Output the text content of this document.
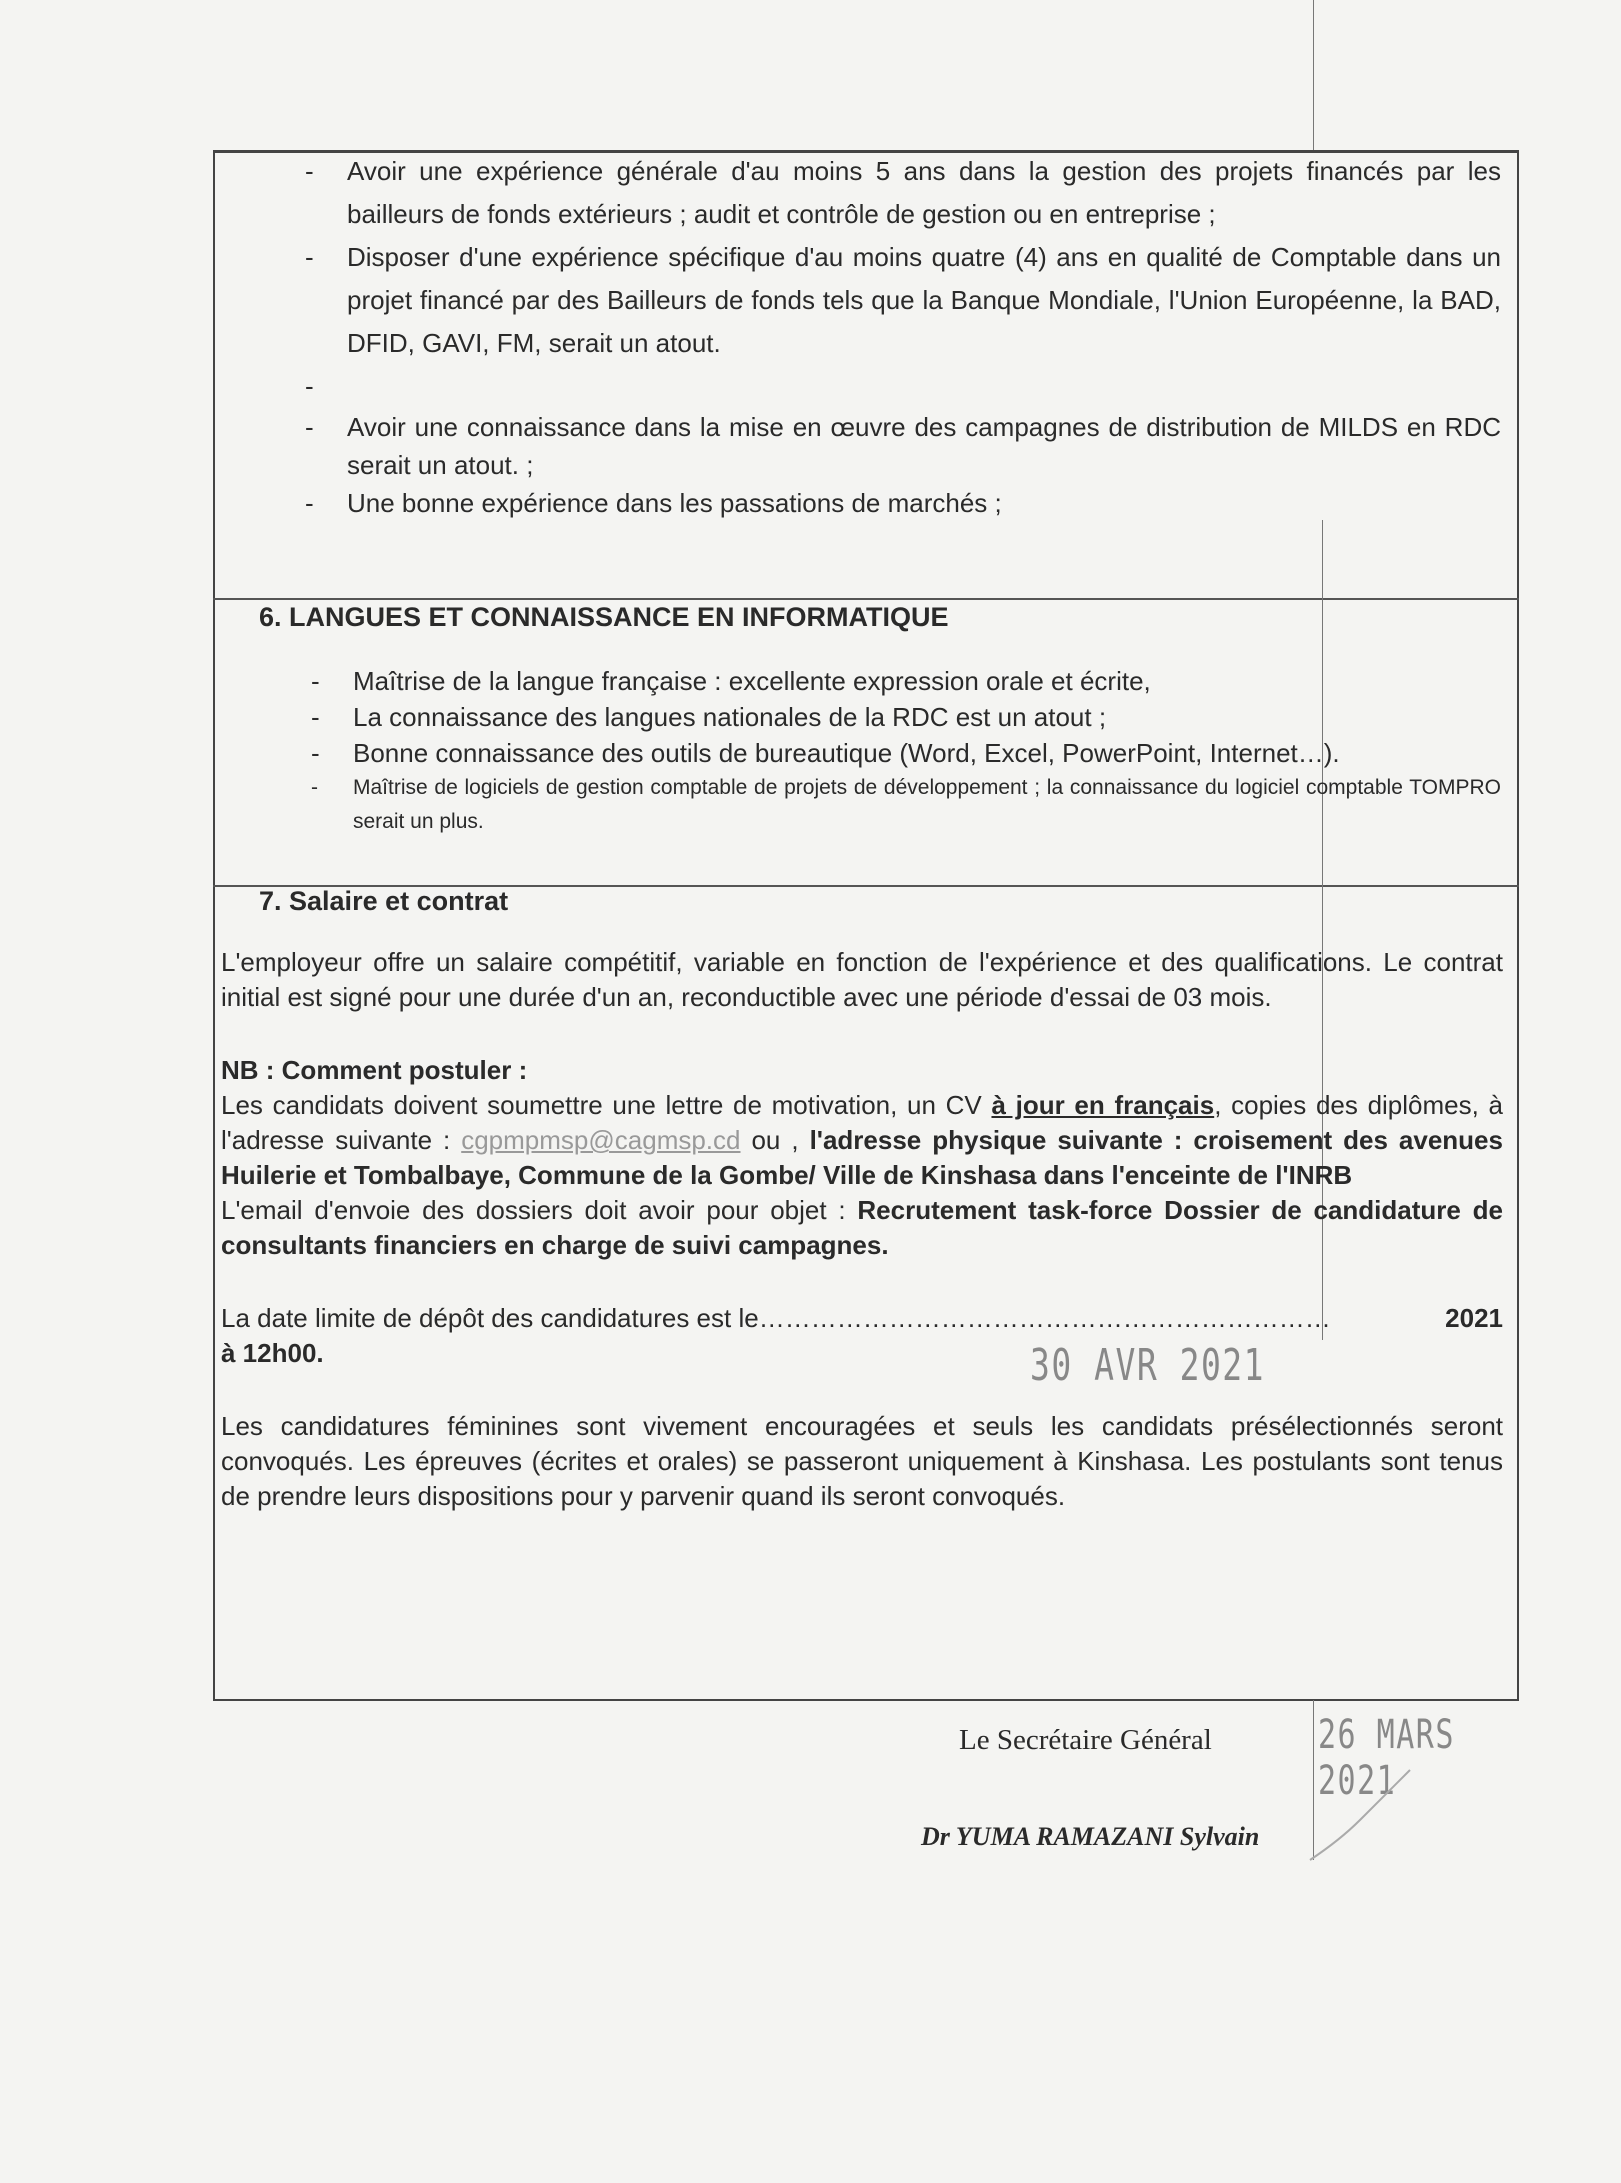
- Avoir une expérience générale d'au moins 5 ans dans la gestion des projets financés par les bailleurs de fonds extérieurs ; audit et contrôle de gestion ou en entreprise ;
- Disposer d'une expérience spécifique d'au moins quatre (4) ans en qualité de Comptable dans un projet financé par des Bailleurs de fonds tels que la Banque Mondiale, l'Union Européenne, la BAD, DFID, GAVI, FM, serait un atout.
-
- Avoir une connaissance dans la mise en œuvre des campagnes de distribution de MILDS en RDC serait un atout. ;
- Une bonne expérience dans les passations de marchés ;
6. LANGUES ET CONNAISSANCE EN INFORMATIQUE
- Maîtrise de la langue française : excellente expression orale et écrite,
- La connaissance des langues nationales de la RDC est un atout ;
- Bonne connaissance des outils de bureautique (Word, Excel, PowerPoint, Internet…).
- Maîtrise de logiciels de gestion comptable de projets de développement ; la connaissance du logiciel comptable TOMPRO serait un plus.
7. Salaire et contrat

L'employeur offre un salaire compétitif, variable en fonction de l'expérience et des qualifications. Le contrat initial est signé pour une durée d'un an, reconductible avec une période d'essai de 03 mois.

NB : Comment postuler :

Les candidats doivent soumettre une lettre de motivation, un CV à jour en français, copies des diplômes, à l'adresse suivante : cgpmpmsp@cagmsp.cd ou , l'adresse physique suivante : croisement des avenues Huilerie et Tombalbaye, Commune de la Gombe/ Ville de Kinshasa dans l'enceinte de l'INRB

L'email d'envoie des dossiers doit avoir pour objet : Recrutement task-force Dossier de candidature de consultants financiers en charge de suivi campagnes.

La date limite de dépôt des candidatures est le …………………………………………………………	2021

à 12h00.

Les candidatures féminines sont vivement encouragées et seuls les candidats présélectionnés seront convoqués. Les épreuves (écrites et orales) se passeront uniquement à Kinshasa. Les postulants sont tenus de prendre leurs dispositions pour y parvenir quand ils seront convoqués.

30 AVR 2021
Le Secrétaire Général
Dr YUMA RAMAZANI Sylvain
26 MARS 2021
